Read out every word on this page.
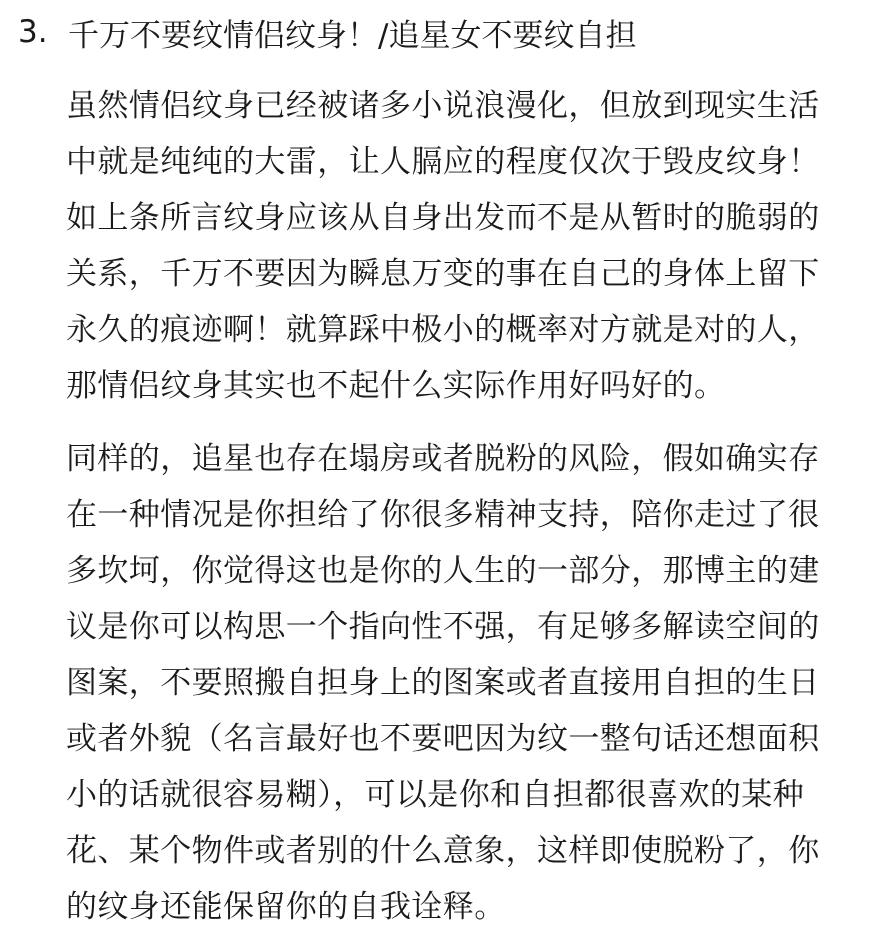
3. 千万不要纹情侣纹身！/追星女不要纹自担

虽然情侣纹身已经被诸多小说浪漫化，但放到现实生活
中就是纯纯的大雷，让人膈应的程度仅次于毁皮纹身！
如上条所言纹身应该从自身出发而不是从暂时的脆弱的
关系，千万不要因为瞬息万变的事在自己的身体上留下
永久的痕迹啊！就算踩中极小的概率对方就是对的人，
那情侣纹身其实也不起什么实际作用好吗好的。

同样的，追星也存在塌房或者脱粉的风险，假如确实存
在一种情况是你担给了你很多精神支持，陪你走过了很
多坎坷，你觉得这也是你的人生的一部分，那博主的建
议是你可以构思一个指向性不强，有足够多解读空间的
图案，不要照搬自担身上的图案或者直接用自担的生日
或者外貌（名言最好也不要吧因为纹一整句话还想面积
小的话就很容易糊），可以是你和自担都很喜欢的某种
花、某个物件或者别的什么意象，这样即使脱粉了，你
的纹身还能保留你的自我诠释。
